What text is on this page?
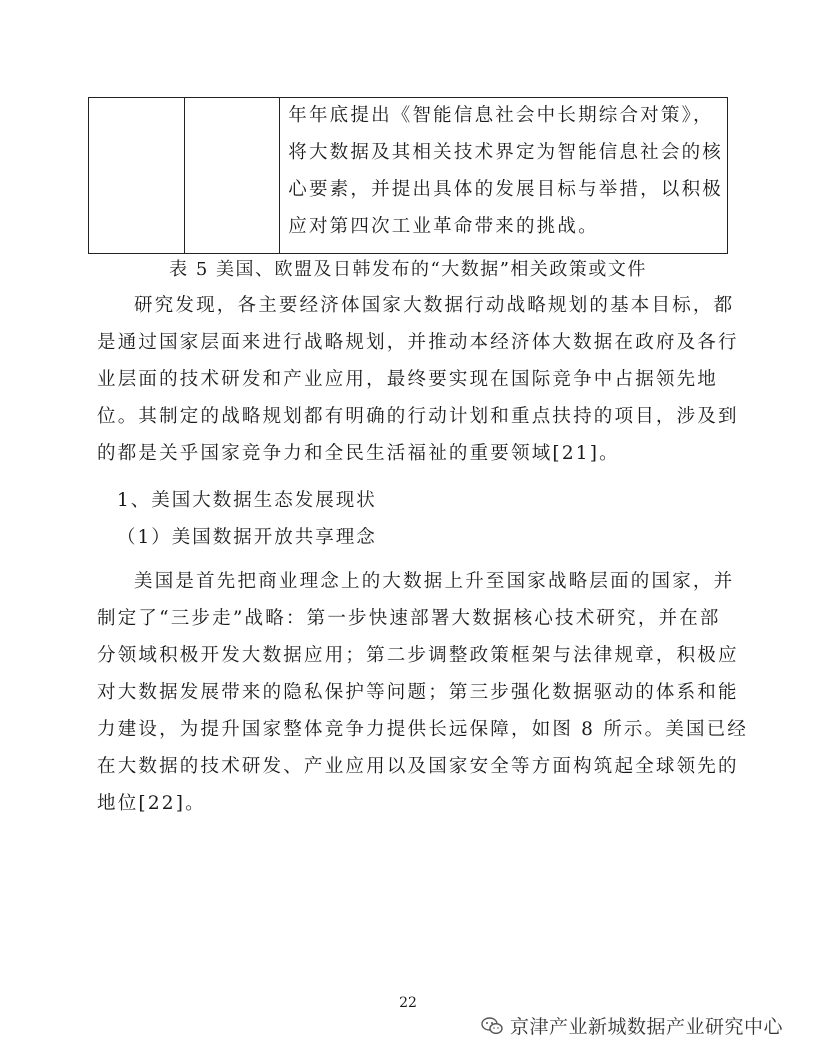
年年底提出《智能信息社会中长期综合对策》，
将大数据及其相关技术界定为智能信息社会的核
心要素，并提出具体的发展目标与举措，以积极
应对第四次工业革命带来的挑战。
表 5 美国、欧盟及日韩发布的“大数据”相关政策或文件
研究发现，各主要经济体国家大数据行动战略规划的基本目标，都
是通过国家层面来进行战略规划，并推动本经济体大数据在政府及各行
业层面的技术研发和产业应用，最终要实现在国际竞争中占据领先地
位。其制定的战略规划都有明确的行动计划和重点扶持的项目，涉及到
的都是关乎国家竞争力和全民生活福祉的重要领域[21]。
1、美国大数据生态发展现状
（1）美国数据开放共享理念
美国是首先把商业理念上的大数据上升至国家战略层面的国家，并
制定了“三步走”战略：第一步快速部署大数据核心技术研究，并在部
分领域积极开发大数据应用；第二步调整政策框架与法律规章，积极应
对大数据发展带来的隐私保护等问题；第三步强化数据驱动的体系和能
力建设，为提升国家整体竞争力提供长远保障，如图 8 所示。美国已经
在大数据的技术研发、产业应用以及国家安全等方面构筑起全球领先的
地位[22]。
22
京津产业新城数据产业研究中心
